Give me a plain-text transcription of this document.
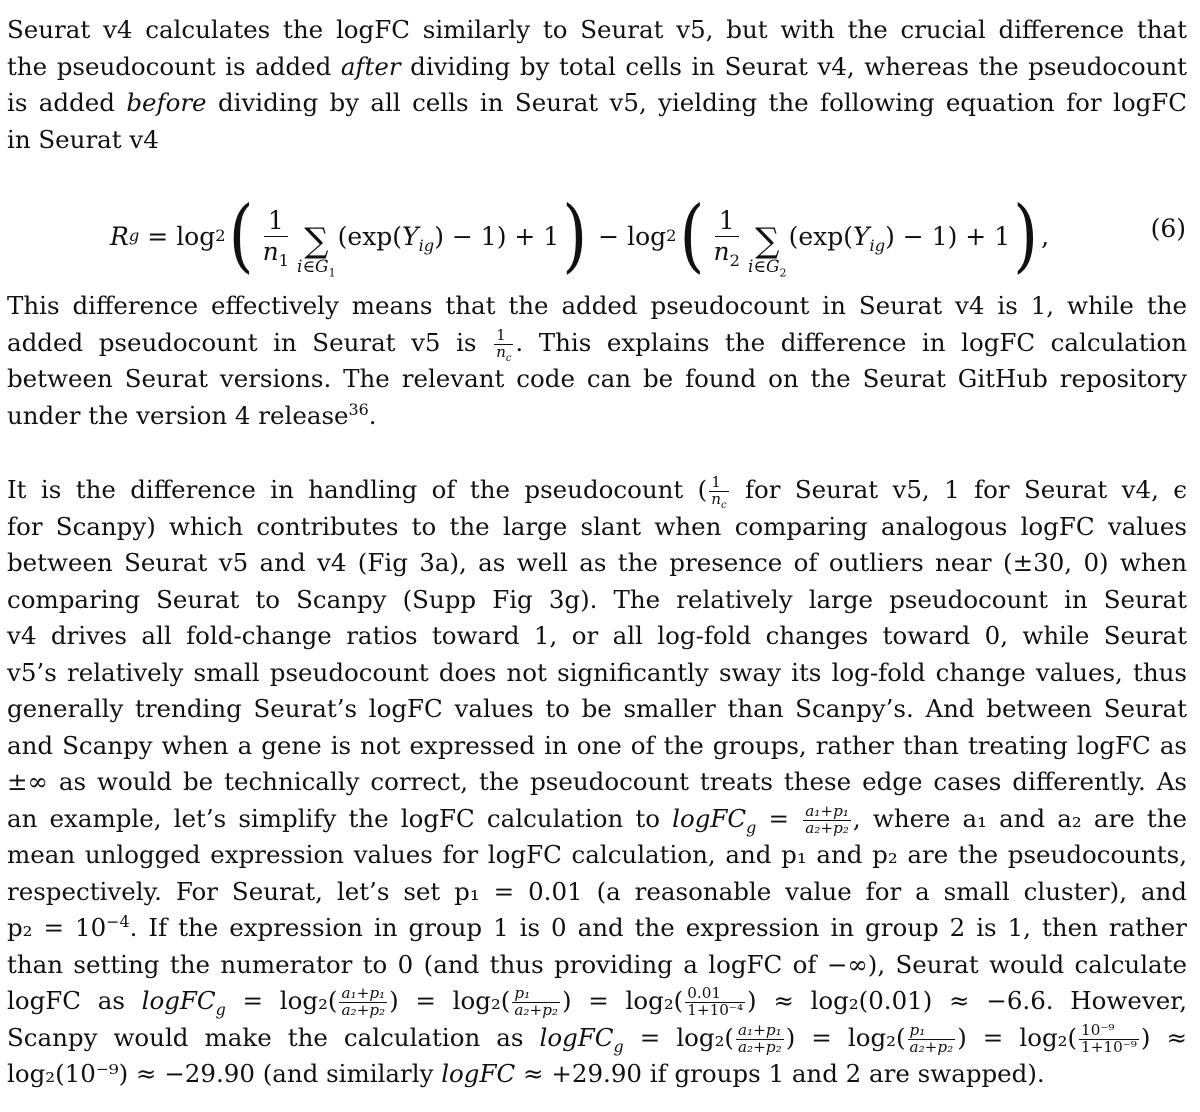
Seurat v4 calculates the logFC similarly to Seurat v5, but with the crucial difference that
the pseudocount is added after dividing by total cells in Seurat v4, whereas the pseudocount
is added before dividing by all cells in Seurat v5, yielding the following equation for logFC
in Seurat v4
R g = log 2 ( $\frac{1}{n_1}$ ∑
$i\in G_1$
$(\exp(Y_{ig}) - 1) + 1$ ) − log 2 ( $\frac{1}{n_2}$ ∑
$i\in G_2$
$(\exp(Y_{ig}) - 1) + 1$ ) ,	(6)
This difference effectively means that the added pseudocount in Seurat v4 is 1, while the
added pseudocount in Seurat v5 is $\frac{1}{n_c}$ . This explains the difference in logFC calculation
between Seurat versions. The relevant code can be found on the Seurat GitHub repository
under the version 4 release$^{36}$.
It is the difference in handling of the pseudocount ( $\frac{1}{n_c}$ for Seurat v5, 1 for Seurat v4, ϵ
for Scanpy) which contributes to the large slant when comparing analogous logFC values
between Seurat v5 and v4 (Fig 3a), as well as the presence of outliers near (±30, 0) when
comparing Seurat to Scanpy (Supp Fig 3g). The relatively large pseudocount in Seurat
v4 drives all fold-change ratios toward 1, or all log-fold changes toward 0, while Seurat
v5’s relatively small pseudocount does not significantly sway its log-fold change values, thus
generally trending Seurat’s logFC values to be smaller than Scanpy’s. And between Seurat
and Scanpy when a gene is not expressed in one of the groups, rather than treating logFC as
±∞ as would be technically correct, the pseudocount treats these edge cases differently. As
an example, let’s simplify the logFC calculation to logFC$_g$ = $\frac{\text{a₁+p₁}}{\text{a₂+p₂}}$ , where a₁ and a₂ are the
mean unlogged expression values for logFC calculation, and p₁ and p₂ are the pseudocounts,
respectively. For Seurat, let’s set p₁ = 0.01 (a reasonable value for a small cluster), and
$p_2 = 10^{-4}$. If the expression in group 1 is 0 and the expression in group 2 is 1, then rather
than setting the numerator to 0 (and thus providing a logFC of −∞), Seurat would calculate
logFC as logFC$_g$ = $\log_2( \frac{\text{a₁+p₁}}{\text{a₂+p₂}}$ ) = $\log_2( \frac{\text{p₁}}{\text{a₂+p₂}}$ ) = $\log_2( \frac{0.01}{\text{1+10⁻⁴}}$ ) ≈ log₂(0.01) ≈ −6.6. However,
Scanpy would make the calculation as logFC$_g$ = $\log_2( \frac{\text{a₁+p₁}}{\text{a₂+p₂}}$ ) = $\log_2( \frac{\text{p₁}}{\text{a₂+p₂}}$ ) = $\log_2( \frac{\text{10⁻⁹}}{\text{1+10⁻⁹}}$ ) ≈
log₂(10⁻⁹) ≈ −29.90 (and similarly logFC ≈ +29.90 if groups 1 and 2 are swapped).
